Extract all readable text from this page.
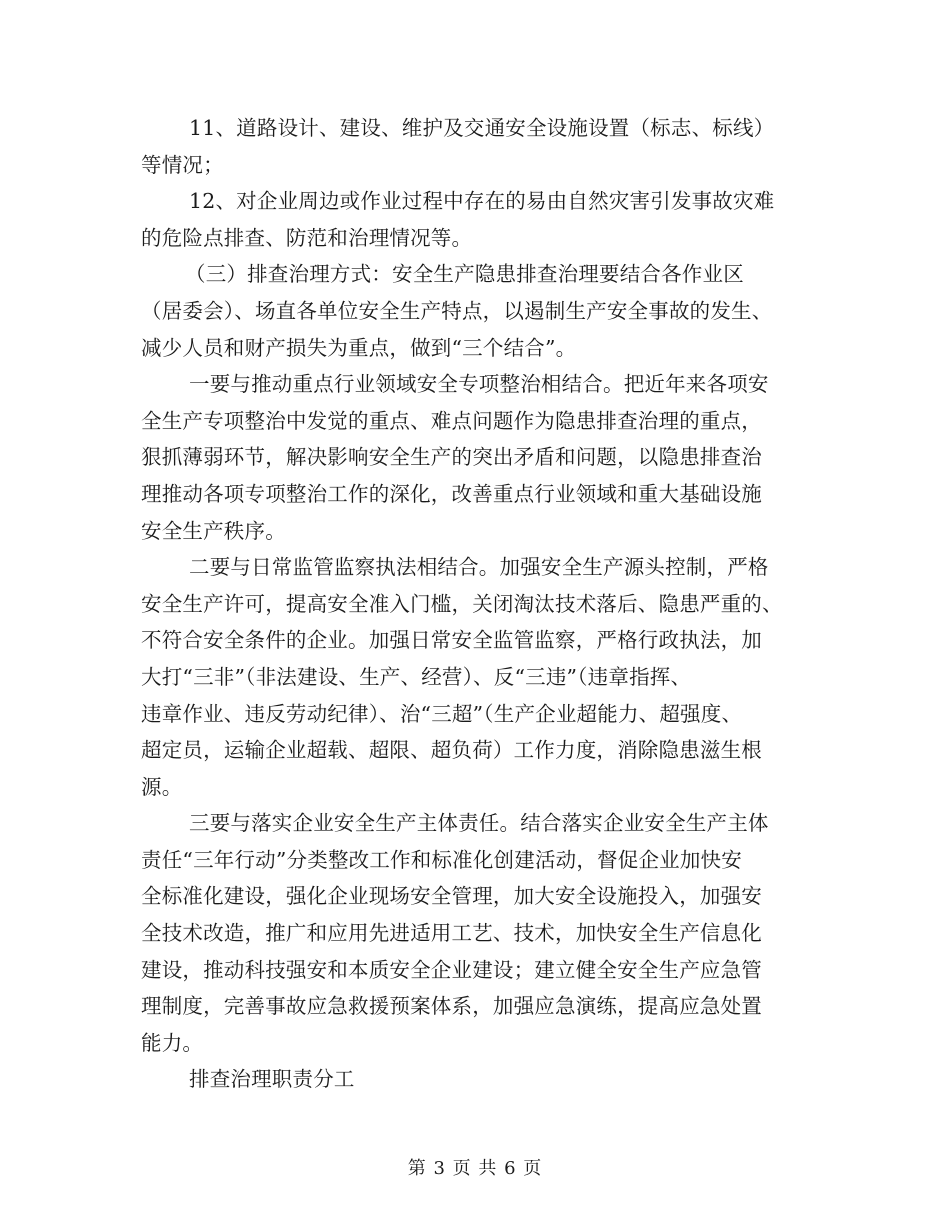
11、道路设计、建设、维护及交通安全设施设置（标志、标线）
等情况；
12、对企业周边或作业过程中存在的易由自然灾害引发事故灾难
的危险点排查、防范和治理情况等。
（三）排查治理方式：安全生产隐患排查治理要结合各作业区
（居委会）、场直各单位安全生产特点，以遏制生产安全事故的发生、
减少人员和财产损失为重点，做到“三个结合”。
一要与推动重点行业领域安全专项整治相结合。把近年来各项安
全生产专项整治中发觉的重点、难点问题作为隐患排查治理的重点，
狠抓薄弱环节，解决影响安全生产的突出矛盾和问题，以隐患排查治
理推动各项专项整治工作的深化，改善重点行业领域和重大基础设施
安全生产秩序。
二要与日常监管监察执法相结合。加强安全生产源头控制，严格
安全生产许可，提高安全准入门槛，关闭淘汰技术落后、隐患严重的、
不符合安全条件的企业。加强日常安全监管监察，严格行政执法，加
大打“三非”（非法建设、生产、经营）、反“三违”（违章指挥、
违章作业、违反劳动纪律）、治“三超”（生产企业超能力、超强度、
超定员，运输企业超载、超限、超负荷）工作力度，消除隐患滋生根
源。
三要与落实企业安全生产主体责任。结合落实企业安全生产主体
责任“三年行动”分类整改工作和标准化创建活动，督促企业加快安
全标准化建设，强化企业现场安全管理，加大安全设施投入，加强安
全技术改造，推广和应用先进适用工艺、技术，加快安全生产信息化
建设，推动科技强安和本质安全企业建设；建立健全安全生产应急管
理制度，完善事故应急救援预案体系，加强应急演练，提高应急处置
能力。
排查治理职责分工
第 3 页 共 6 页
